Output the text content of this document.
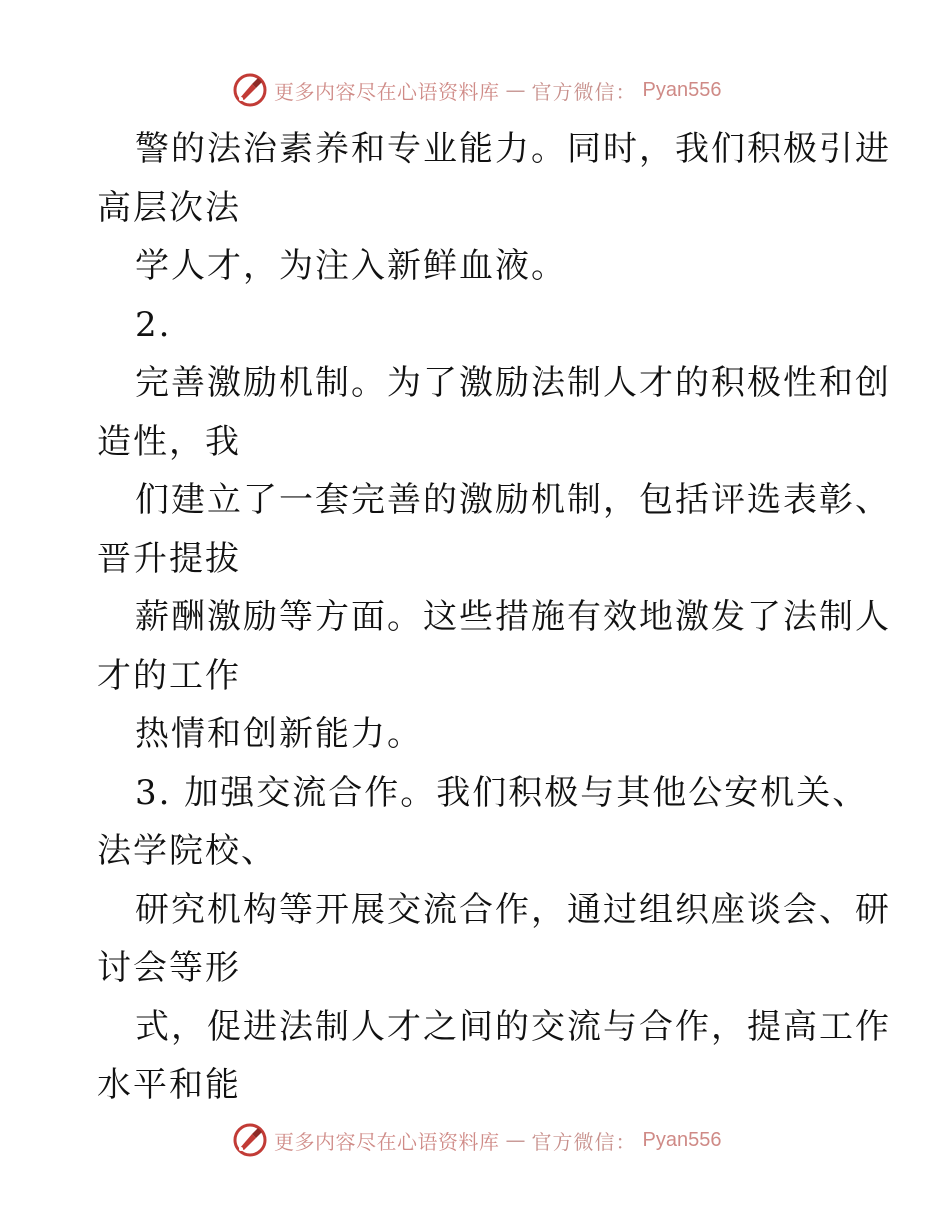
更多内容尽在心语资料库 — 官方微信： Pyan556
警的法治素养和专业能力。同时，我们积极引进
高层次法
学人才，为注入新鲜血液。
2.
完善激励机制。为了激励法制人才的积极性和创
造性，我
们建立了一套完善的激励机制，包括评选表彰、
晋升提拔
薪酬激励等方面。这些措施有效地激发了法制人
才的工作
热情和创新能力。
3. 加强交流合作。我们积极与其他公安机关、
法学院校、
研究机构等开展交流合作，通过组织座谈会、研
讨会等形
式，促进法制人才之间的交流与合作，提高工作
水平和能
更多内容尽在心语资料库 — 官方微信： Pyan556
